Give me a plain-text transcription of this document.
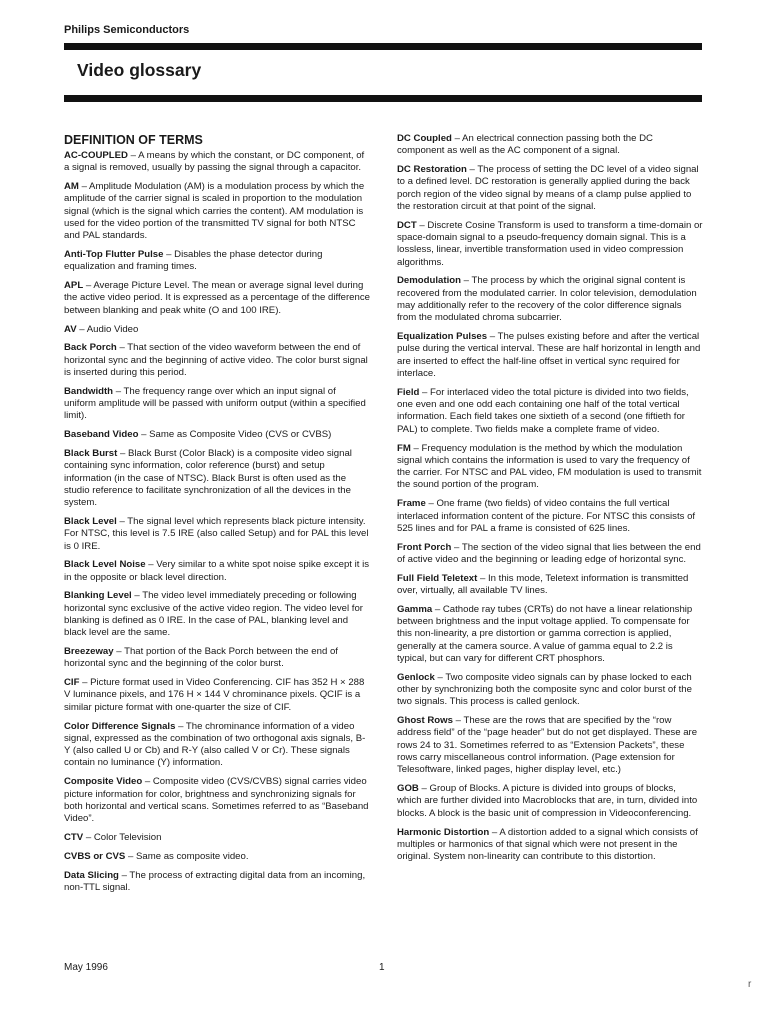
Philips Semiconductors
Video glossary
DEFINITION OF TERMS

AC-COUPLED – A means by which the constant, or DC component, of a signal is removed, usually by passing the signal through a capacitor.

AM – Amplitude Modulation (AM) is a modulation process by which the amplitude of the carrier signal is scaled in proportion to the modulation signal (which is the signal which carries the content). AM modulation is used for the video portion of the transmitted TV signal for both NTSC and PAL standards.

Anti-Top Flutter Pulse – Disables the phase detector during equalization and framing times.

APL – Average Picture Level. The mean or average signal level during the active video period. It is expressed as a percentage of the difference between blanking and peak white (O and 100 IRE).

AV – Audio Video

Back Porch – That section of the video waveform between the end of horizontal sync and the beginning of active video. The color burst signal is inserted during this period.

Bandwidth – The frequency range over which an input signal of uniform amplitude will be passed with uniform output (within a specified limit).

Baseband Video – Same as Composite Video (CVS or CVBS)

Black Burst – Black Burst (Color Black) is a composite video signal containing sync information, color reference (burst) and setup information (in the case of NTSC). Black Burst is often used as the studio reference to facilitate synchronization of all the devices in the system.

Black Level – The signal level which represents black picture intensity. For NTSC, this level is 7.5 IRE (also called Setup) and for PAL this level is 0 IRE.

Black Level Noise – Very similar to a white spot noise spike except it is in the opposite or black level direction.

Blanking Level – The video level immediately preceding or following horizontal sync exclusive of the active video region. The video level for blanking is defined as 0 IRE. In the case of PAL, blanking level and black level are the same.

Breezeway – That portion of the Back Porch between the end of horizontal sync and the beginning of the color burst.

CIF – Picture format used in Video Conferencing. CIF has 352 H × 288 V luminance pixels, and 176 H × 144 V chrominance pixels. QCIF is a similar picture format with one-quarter the size of CIF.

Color Difference Signals – The chrominance information of a video signal, expressed as the combination of two orthogonal axis signals, B-Y (also called U or Cb) and R-Y (also called V or Cr). These signals contain no luminance (Y) information.

Composite Video – Composite video (CVS/CVBS) signal carries video picture information for color, brightness and synchronizing signals for both horizontal and vertical scans. Sometimes referred to as “Baseband Video”.

CTV – Color Television

CVBS or CVS – Same as composite video.

Data Slicing – The process of extracting digital data from an incoming, non-TTL signal.

DC Coupled – An electrical connection passing both the DC component as well as the AC component of a signal.

DC Restoration – The process of setting the DC level of a video signal to a defined level. DC restoration is generally applied during the back porch region of the video signal by means of a clamp pulse applied to the restoration circuit at that point of the signal.

DCT – Discrete Cosine Transform is used to transform a time-domain or space-domain signal to a pseudo-frequency domain signal. This is a lossless, linear, invertible transformation used in video compression algorithms.

Demodulation – The process by which the original signal content is recovered from the modulated carrier. In color television, demodulation may additionally refer to the recovery of the color difference signals from the modulated chroma subcarrier.

Equalization Pulses – The pulses existing before and after the vertical pulse during the vertical interval. These are half horizontal in length and are inserted to effect the half-line offset in vertical sync required for interlace.

Field – For interlaced video the total picture is divided into two fields, one even and one odd each containing one half of the total vertical information. Each field takes one sixtieth of a second (one fiftieth for PAL) to complete. Two fields make a complete frame of video.

FM – Frequency modulation is the method by which the modulation signal which contains the information is used to vary the frequency of the carrier. For NTSC and PAL video, FM modulation is used to transmit the sound portion of the program.

Frame – One frame (two fields) of video contains the full vertical interlaced information content of the picture. For NTSC this consists of 525 lines and for PAL a frame is consisted of 625 lines.

Front Porch – The section of the video signal that lies between the end of active video and the beginning or leading edge of horizontal sync.

Full Field Teletext – In this mode, Teletext information is transmitted over, virtually, all available TV lines.

Gamma – Cathode ray tubes (CRTs) do not have a linear relationship between brightness and the input voltage applied. To compensate for this non-linearity, a pre distortion or gamma correction is applied, generally at the camera source. A value of gamma equal to 2.2 is typical, but can vary for different CRT phosphors.

Genlock – Two composite video signals can by phase locked to each other by synchronizing both the composite sync and color burst of the two signals. This process is called genlock.

Ghost Rows – These are the rows that are specified by the “row address field” of the “page header” but do not get displayed. These are rows 24 to 31. Sometimes referred to as “Extension Packets”, these rows carry miscellaneous control information. (Page extension for Telesoftware, linked pages, higher display level, etc.)

GOB – Group of Blocks. A picture is divided into groups of blocks, which are further divided into Macroblocks that are, in turn, divided into blocks. A block is the basic unit of compression in Videoconferencing.

Harmonic Distortion – A distortion added to a signal which consists of multiples or harmonics of that signal which were not present in the original. System non-linearity can contribute to this distortion.

May 1996	1
r
